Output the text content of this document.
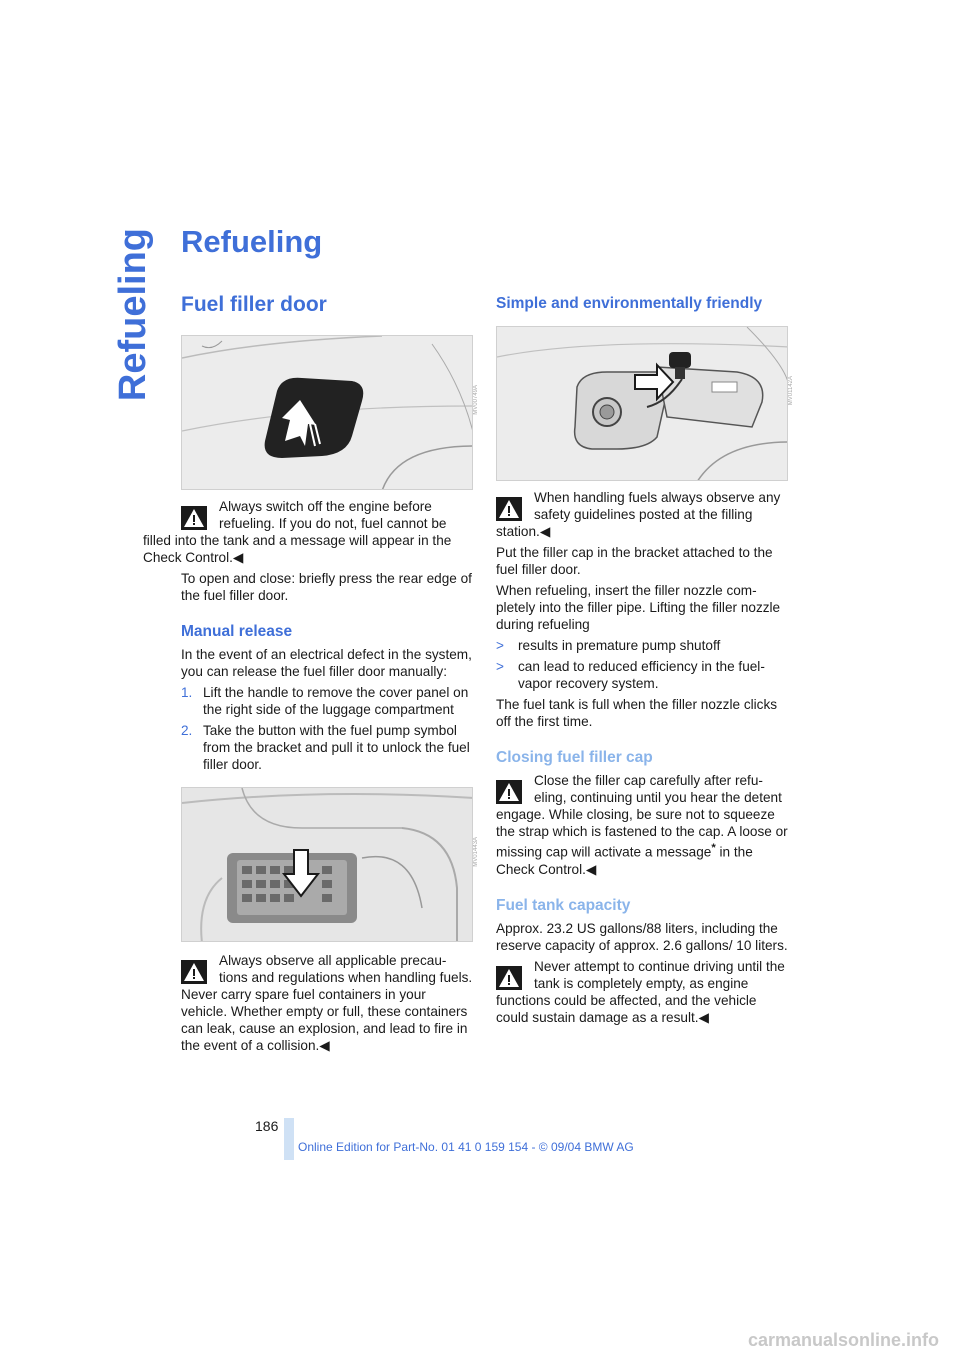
Refueling Refueling
Fuel filler door
MV00749A

Always switch off the engine before refueling. If you do not, fuel cannot be filled into the tank and a message will appear in the Check Control.◀

To open and close: briefly press the rear edge of the fuel filler door.

Manual release

In the event of an electrical defect in the system, you can release the fuel filler door manually:

1. Lift the handle to remove the cover panel on the right side of the luggage compartment
2. Take the button with the fuel pump symbol from the bracket and pull it to unlock the fuel filler door.
MV01443A

Always observe all applicable precau- tions and regulations when handling fuels. Never carry spare fuel containers in your vehicle. Whether empty or full, these containers can leak, cause an explosion, and lead to fire in the event of a collision.◀

Simple and environmentally friendly
MV01142A

When handling fuels always observe any safety guidelines posted at the filling station.◀

Put the filler cap in the bracket attached to the fuel filler door.

When refueling, insert the filler nozzle com- pletely into the filler pipe. Lifting the filler nozzle during refueling

> results in premature pump shutoff
> can lead to reduced efficiency in the fuel-vapor recovery system.

The fuel tank is full when the filler nozzle clicks off the first time.

Closing fuel filler cap

Close the filler cap carefully after refu- eling, continuing until you hear the detent engage. While closing, be sure not to squeeze the strap which is fastened to the cap. A loose or missing cap will activate a message* in the Check Control.◀

Fuel tank capacity

Approx. 23.2 US gallons/88 liters, including the reserve capacity of approx. 2.6 gallons/ 10 liters.

Never attempt to continue driving until the tank is completely empty, as engine functions could be affected, and the vehicle could sustain damage as a result.◀

186
Online Edition for Part-No. 01 41 0 159 154 - © 09/04 BMW AG
carmanualsonline.info
